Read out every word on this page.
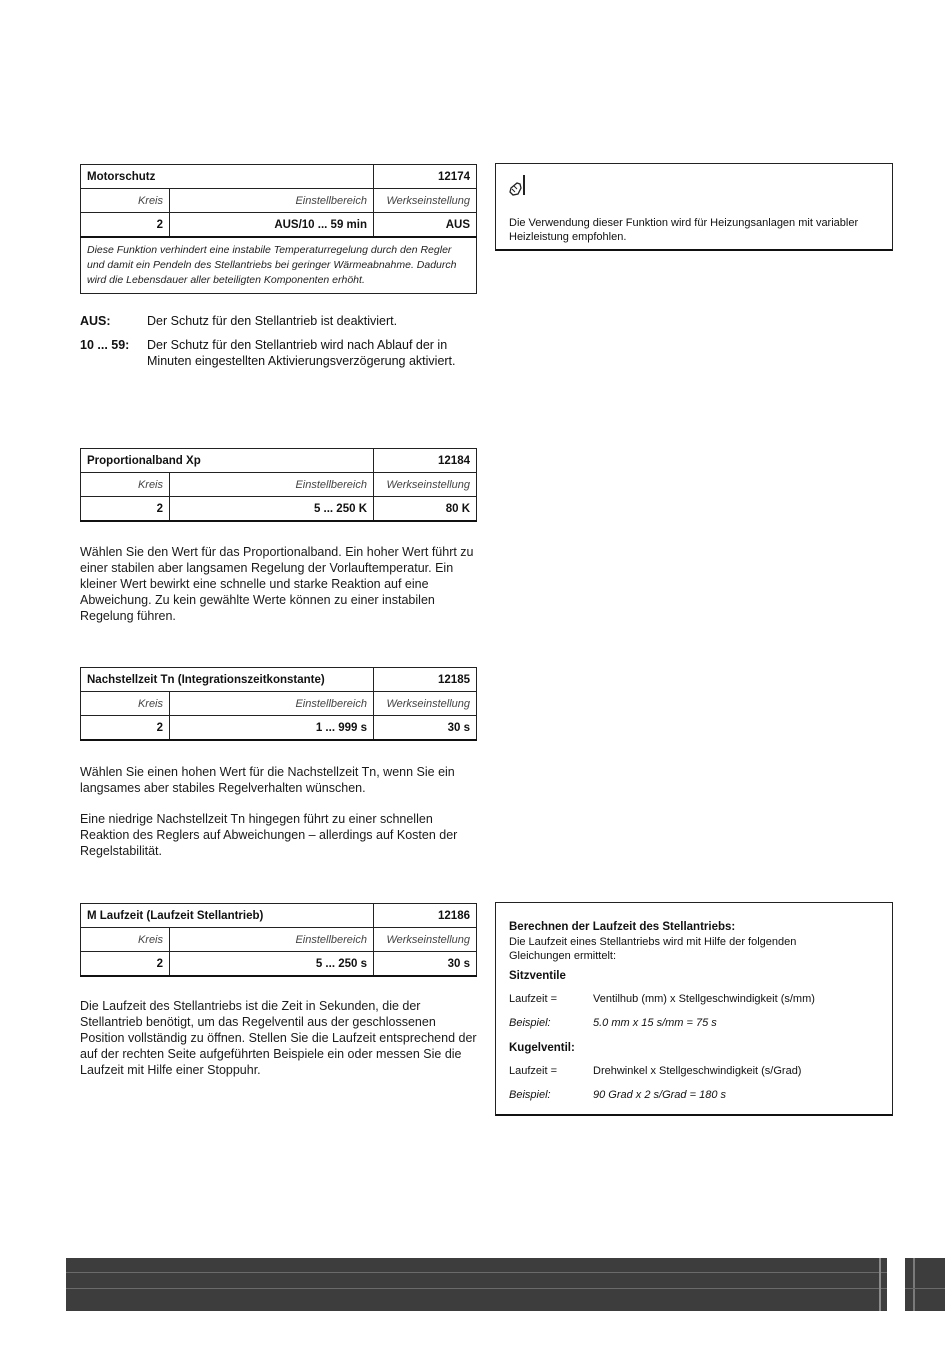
Motorschutz		12174
Kreis	Einstellbereich	Werkseinstellung
2	AUS/10 ... 59 min	AUS
Diese Funktion verhindert eine instabile Temperaturregelung durch den Regler und damit ein Pendeln des Stellantriebs bei geringer Wärmeabnahme. Dadurch wird die Lebensdauer aller beteiligten Komponenten erhöht.		
AUS:	Der Schutz für den Stellantrieb ist deaktiviert.
10 ... 59: Der Schutz für den Stellantrieb wird nach Ablauf der in Minuten eingestellten Aktivierungsverzögerung aktiviert.
Die Verwendung dieser Funktion wird für Heizungsanlagen mit variabler Heizleistung empfohlen.
Proportionalband Xp		12184
Kreis	Einstellbereich	Werkseinstellung
2	5 ... 250 K	80 K
Wählen Sie den Wert für das Proportionalband. Ein hoher Wert führt zu einer stabilen aber langsamen Regelung der Vorlauftemperatur. Ein kleiner Wert bewirkt eine schnelle und starke Reaktion auf eine Abweichung. Zu kein gewählte Werte können zu einer instabilen Regelung führen.
Nachstellzeit Tn (Integrationszeitkonstante)		12185
Kreis	Einstellbereich	Werkseinstellung
2	1 ... 999 s	30 s
Wählen Sie einen hohen Wert für die Nachstellzeit Tn, wenn Sie ein langsames aber stabiles Regelverhalten wünschen.
Eine niedrige Nachstellzeit Tn hingegen führt zu einer schnellen Reaktion des Reglers auf Abweichungen – allerdings auf Kosten der Regelstabilität.
M Laufzeit (Laufzeit Stellantrieb)		12186
Kreis	Einstellbereich	Werkseinstellung
2	5 ... 250 s	30 s
Die Laufzeit des Stellantriebs ist die Zeit in Sekunden, die der Stellantrieb benötigt, um das Regelventil aus der geschlossenen Position vollständig zu öffnen. Stellen Sie die Laufzeit entsprechend der auf der rechten Seite aufgeführten Beispiele ein oder messen Sie die Laufzeit mit Hilfe einer Stoppuhr.
Berechnen der Laufzeit des Stellantriebs:
Die Laufzeit eines Stellantriebs wird mit Hilfe der folgenden Gleichungen ermittelt:
Sitzventile
Laufzeit =	Ventilhub (mm) x Stellgeschwindigkeit (s/mm)
Beispiel:	5.0 mm x 15 s/mm = 75 s
Kugelventil:
Laufzeit =	Drehwinkel x Stellgeschwindigkeit (s/Grad)
Beispiel:	90 Grad x 2 s/Grad = 180 s
